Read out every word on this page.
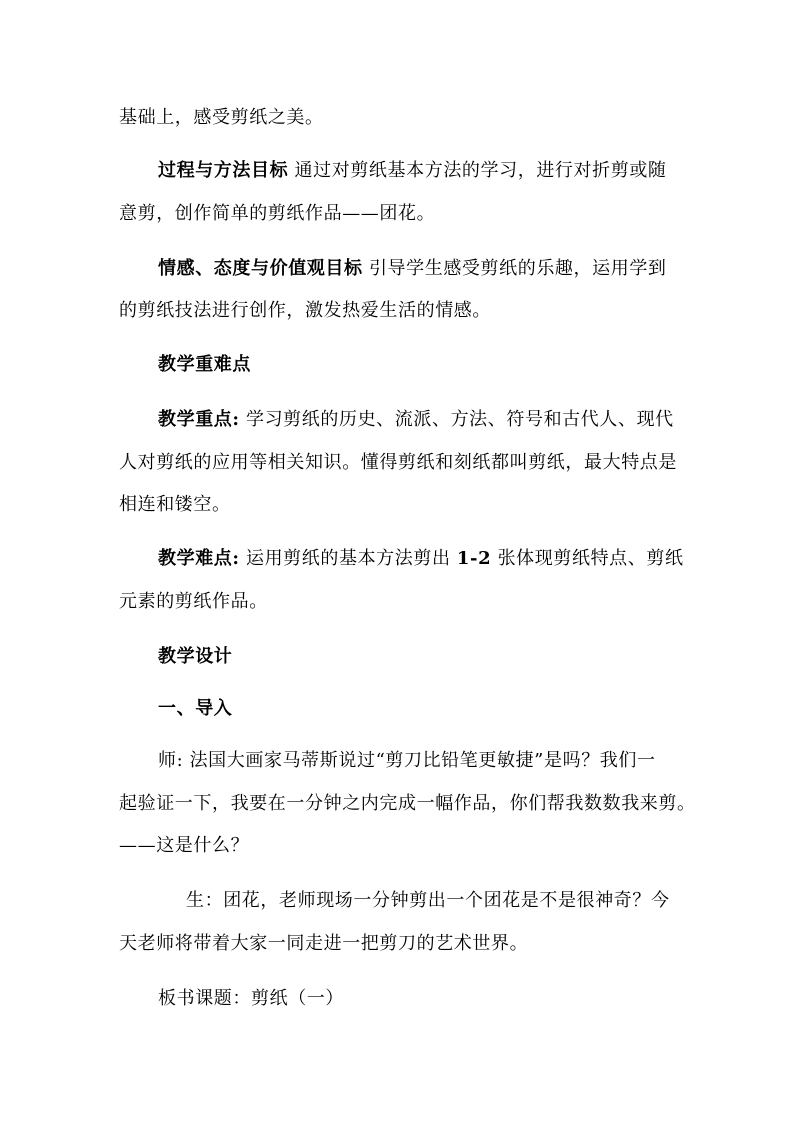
基础上，感受剪纸之美。
过程与方法目标 通过对剪纸基本方法的学习，进行对折剪或随
意剪，创作简单的剪纸作品——团花。
情感、态度与价值观目标 引导学生感受剪纸的乐趣，运用学到
的剪纸技法进行创作，激发热爱生活的情感。
教学重难点
教学重点: 学习剪纸的历史、流派、方法、符号和古代人、现代
人对剪纸的应用等相关知识。懂得剪纸和刻纸都叫剪纸，最大特点是
相连和镂空。
教学难点: 运用剪纸的基本方法剪出 1-2 张体现剪纸特点、剪纸
元素的剪纸作品。
教学设计
一、导入
师: 法国大画家马蒂斯说过“剪刀比铅笔更敏捷”是吗？我们一
起验证一下，我要在一分钟之内完成一幅作品，你们帮我数数我来剪。
——这是什么？
生：团花，老师现场一分钟剪出一个团花是不是很神奇？今
天老师将带着大家一同走进一把剪刀的艺术世界。
板书课题：剪纸（一）
